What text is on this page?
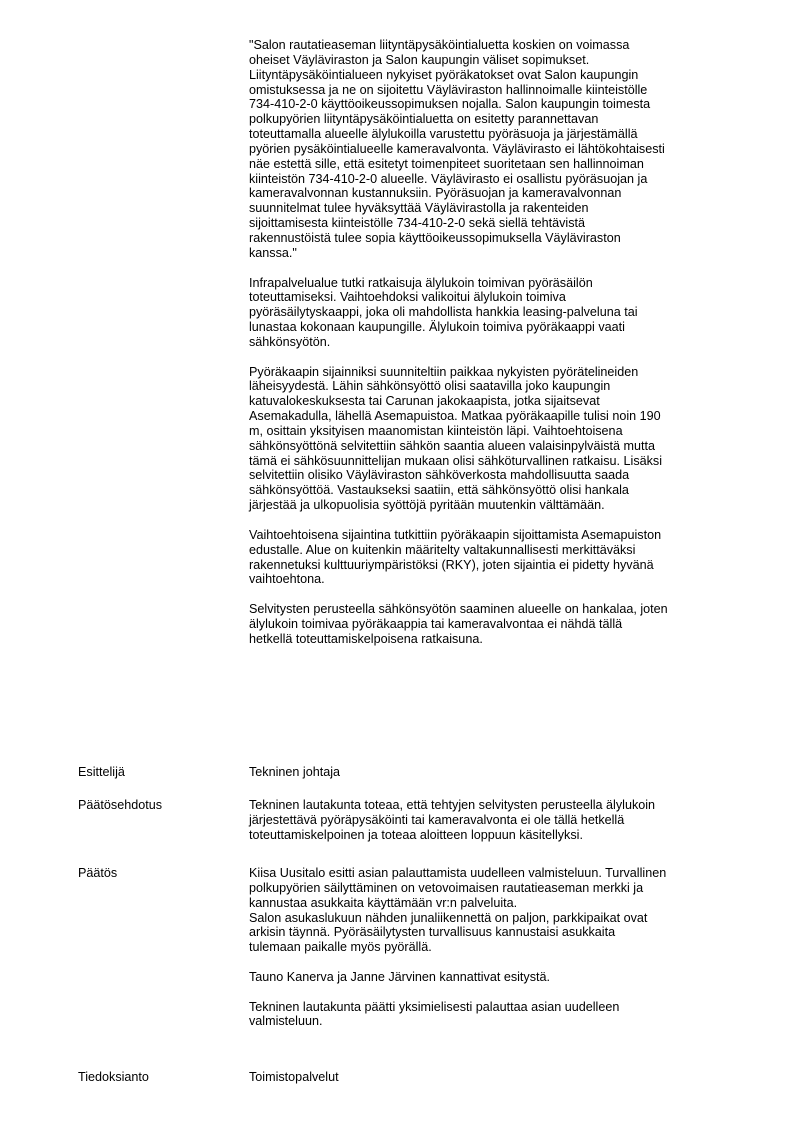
"Salon rautatieaseman liityntäpysäköintialuetta koskien on voimassa
oheiset Väyläviraston ja Salon kaupungin väliset sopimukset.
Liityntäpysäköintialueen nykyiset pyöräkatokset ovat Salon kaupungin
omistuksessa ja ne on sijoitettu Väyläviraston hallinnoimalle kiinteistölle
734-410-2-0 käyttöoikeussopimuksen nojalla. Salon kaupungin toimesta
polkupyörien liityntäpysäköintialuetta on esitetty parannettavan
toteuttamalla alueelle älylukoilla varustettu pyöräsuoja ja järjestämällä
pyörien pysäköintialueelle kameravalvonta. Väylävirasto ei lähtökohtaisesti
näe estettä sille, että esitetyt toimenpiteet suoritetaan sen hallinnoiman
kiinteistön 734-410-2-0 alueelle. Väylävirasto ei osallistu pyöräsuojan ja
kameravalvonnan kustannuksiin. Pyöräsuojan ja kameravalvonnan
suunnitelmat tulee hyväksyttää Väylävirastolla ja rakenteiden
sijoittamisesta kiinteistölle 734-410-2-0 sekä siellä tehtävistä
rakennustöistä tulee sopia käyttöoikeussopimuksella Väyläviraston
kanssa."

Infrapalvelualue tutki ratkaisuja älylukoin toimivan pyöräsäilön
toteuttamiseksi. Vaihtoehdoksi valikoitui älylukoin toimiva
pyöräsäilytyskaappi, joka oli mahdollista hankkia leasing-palveluna tai
lunastaa kokonaan kaupungille. Älylukoin toimiva pyöräkaappi vaati
sähkönsyötön.

Pyöräkaapin sijainniksi suunniteltiin paikkaa nykyisten pyörätelineiden
läheisyydestä. Lähin sähkönsyöttö olisi saatavilla joko kaupungin
katuvalokeskuksesta tai Carunan jakokaapista, jotka sijaitsevat
Asemakadulla, lähellä Asemapuistoa. Matkaa pyöräkaapille tulisi noin 190
m, osittain yksityisen maanomistan kiinteistön läpi. Vaihtoehtoisena
sähkönsyöttönä selvitettiin sähkön saantia alueen valaisinpylväistä mutta
tämä ei sähkösuunnittelijan mukaan olisi sähköturvallinen ratkaisu. Lisäksi
selvitettiin olisiko Väyläviraston sähköverkosta mahdollisuutta saada
sähkönsyöttöä. Vastaukseksi saatiin, että sähkönsyöttö olisi hankala
järjestää ja ulkopuolisia syöttöjä pyritään muutenkin välttämään.

Vaihtoehtoisena sijaintina tutkittiin pyöräkaapin sijoittamista Asemapuiston
edustalle. Alue on kuitenkin määritelty valtakunnallisesti merkittäväksi
rakennetuksi kulttuuriympäristöksi (RKY), joten sijaintia ei pidetty hyvänä
vaihtoehtona.

Selvitysten perusteella sähkönsyötön saaminen alueelle on hankalaa, joten
älylukoin toimivaa pyöräkaappia tai kameravalvontaa ei nähdä tällä
hetkellä toteuttamiskelpoisena ratkaisuna.

Esittelijä	Tekninen johtaja
Päätösehdotus	Tekninen lautakunta toteaa, että tehtyjen selvitysten perusteella älylukoin
järjestettävä pyöräpysäköinti tai kameravalvonta ei ole tällä hetkellä
toteuttamiskelpoinen ja toteaa aloitteen loppuun käsitellyksi.
Päätös	Kiisa Uusitalo esitti asian palauttamista uudelleen valmisteluun. Turvallinen
polkupyörien säilyttäminen on vetovoimaisen rautatieaseman merkki ja
kannustaa asukkaita käyttämään vr:n palveluita.
Salon asukaslukuun nähden junaliikennettä on paljon, parkkipaikat ovat
arkisin täynnä. Pyöräsäilytysten turvallisuus kannustaisi asukkaita
tulemaan paikalle myös pyörällä.
Tauno Kanerva ja Janne Järvinen kannattivat esitystä.
Tekninen lautakunta päätti yksimielisesti palauttaa asian uudelleen
valmisteluun.
Tiedoksianto	Toimistopalvelut
